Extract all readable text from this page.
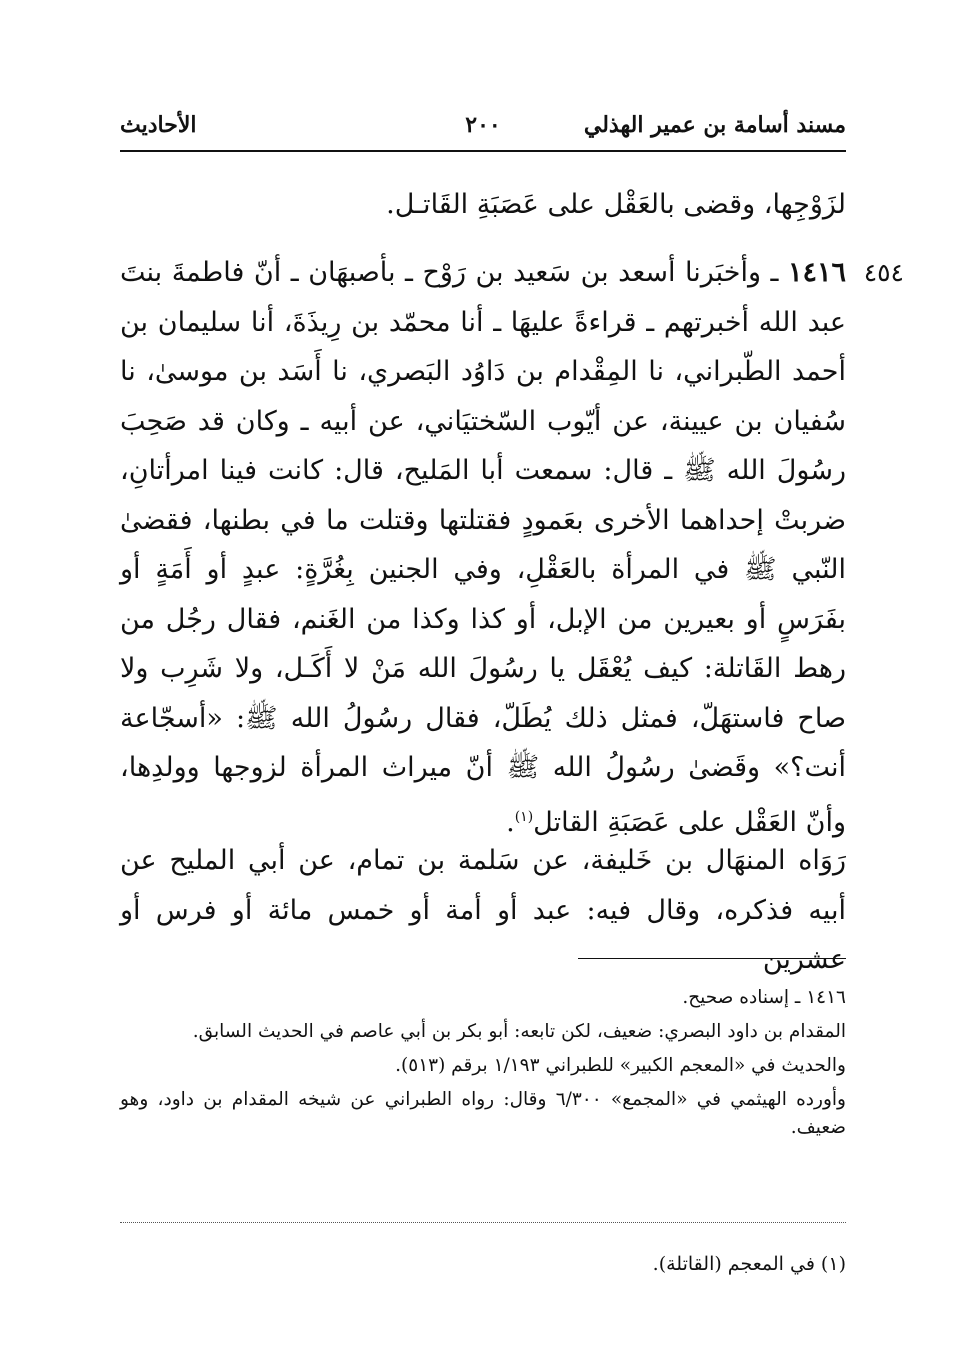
مسند أسامة بن عمير الهذلي
٢٠٠
الأحاديث
لزَوْجِها، وقضى بالعَقْل على عَصَبَةِ القَاتـل.
٤٥٤
١٤١٦ ـ وأخبَرنا أسعد بن سَعيد بن رَوْح ـ بأصبهَان ـ أنّ فاطمةَ بنتَ عبد الله أخبرتهم ـ قراءةً عليهَا ـ أنا محمّد بن رِيذَةَ، أنا سليمان بن أحمد الطّبراني، نا المِقْدام بن دَاوُد البَصري، نا أَسَد بن موسىٰ، نا سُفيان بن عيينة، عن أيّوب السّختيَاني، عن أبيه ـ وكان قد صَحِبَ رسُولَ الله ﷺ ـ قال: سمعت أبا المَليح، قال: كانت فينا امرأتانِ، ضربتْ إحداهما الأخرى بعَمودٍ فقتلتها وقتلت ما في بطنها، فقضىٰ النّبي ﷺ في المرأة بالعَقْلِ، وفي الجنين بِغُرَّةٍ: عبدٍ أو أَمَةٍ أو بفَرَسٍ أو بعيرين من الإبل، أو كذا وكذا من الغَنم، فقال رجُل من رهط القَاتلة: كيف يُعْقَل يا رسُولَ الله مَنْ لا أَكَـل، ولا شَرِب ولا صاح فاستهَلّ، فمثل ذلك يُطَلّ، فقال رسُولُ الله ﷺ: «أسجّاعة أنت؟» وقَضىٰ رسُولُ الله ﷺ أنّ ميراث المرأة لزوجها وولدِها، وأنّ العَقْل على عَصَبَةِ القاتل$^{(١)}$.
رَوَاه المنهَال بن خَليفة، عن سَلمة بن تمام، عن أبي المليح عن أبيه فذكره، وقال فيه: عبد أو أمة أو خمس مائة أو فرس أو عشرين

١٤١٦ ـ إسناده صحيح.

المقدام بن داود البصري: ضعيف، لكن تابعه: أبو بكر بن أبي عاصم في الحديث السابق.

والحديث في «المعجم الكبير» للطبراني ١/١٩٣ برقم (٥١٣).

وأورده الهيثمي في «المجمع» ٦/٣٠٠ وقال: رواه الطبراني عن شيخه المقدام بن داود، وهو ضعيف.

(١) في المعجم (القاتلة).
